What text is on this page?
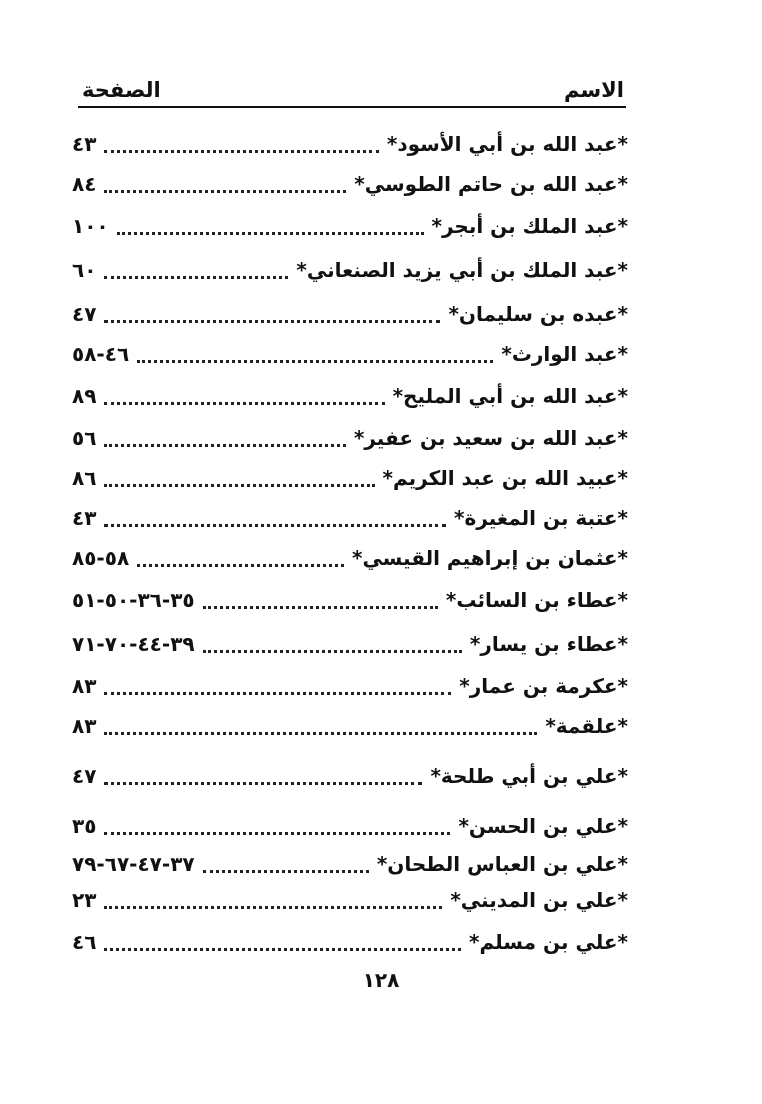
الاسم
الصفحة
*عبد الله بن أبي الأسود*
٤٣
*عبد الله بن حاتم الطوسي*
٨٤
*عبد الملك بن أبجر*
١٠٠
*عبد الملك بن أبي يزيد الصنعاني*
٦٠
*عبده بن سليمان*
٤٧
*عبد الوارث*
٤٦-٥٨
*عبد الله بن أبي المليح*
٨٩
*عبد الله بن سعيد بن عفير*
٥٦
*عبيد الله بن عبد الكريم*
٨٦
*عتبة بن المغيرة*
٤٣
*عثمان بن إبراهيم القيسي*
٥٨-٨٥
*عطاء بن السائب*
٣٥-٣٦-٥٠-٥١
*عطاء بن يسار*
٣٩-٤٤-٧٠-٧١
*عكرمة بن عمار*
٨٣
*علقمة*
٨٣
*علي بن أبي طلحة*
٤٧
*علي بن الحسن*
٣٥
*علي بن العباس الطحان*
٣٧-٤٧-٦٧-٧٩
*علي بن المديني*
٢٣
*علي بن مسلم*
٤٦
١٢٨
